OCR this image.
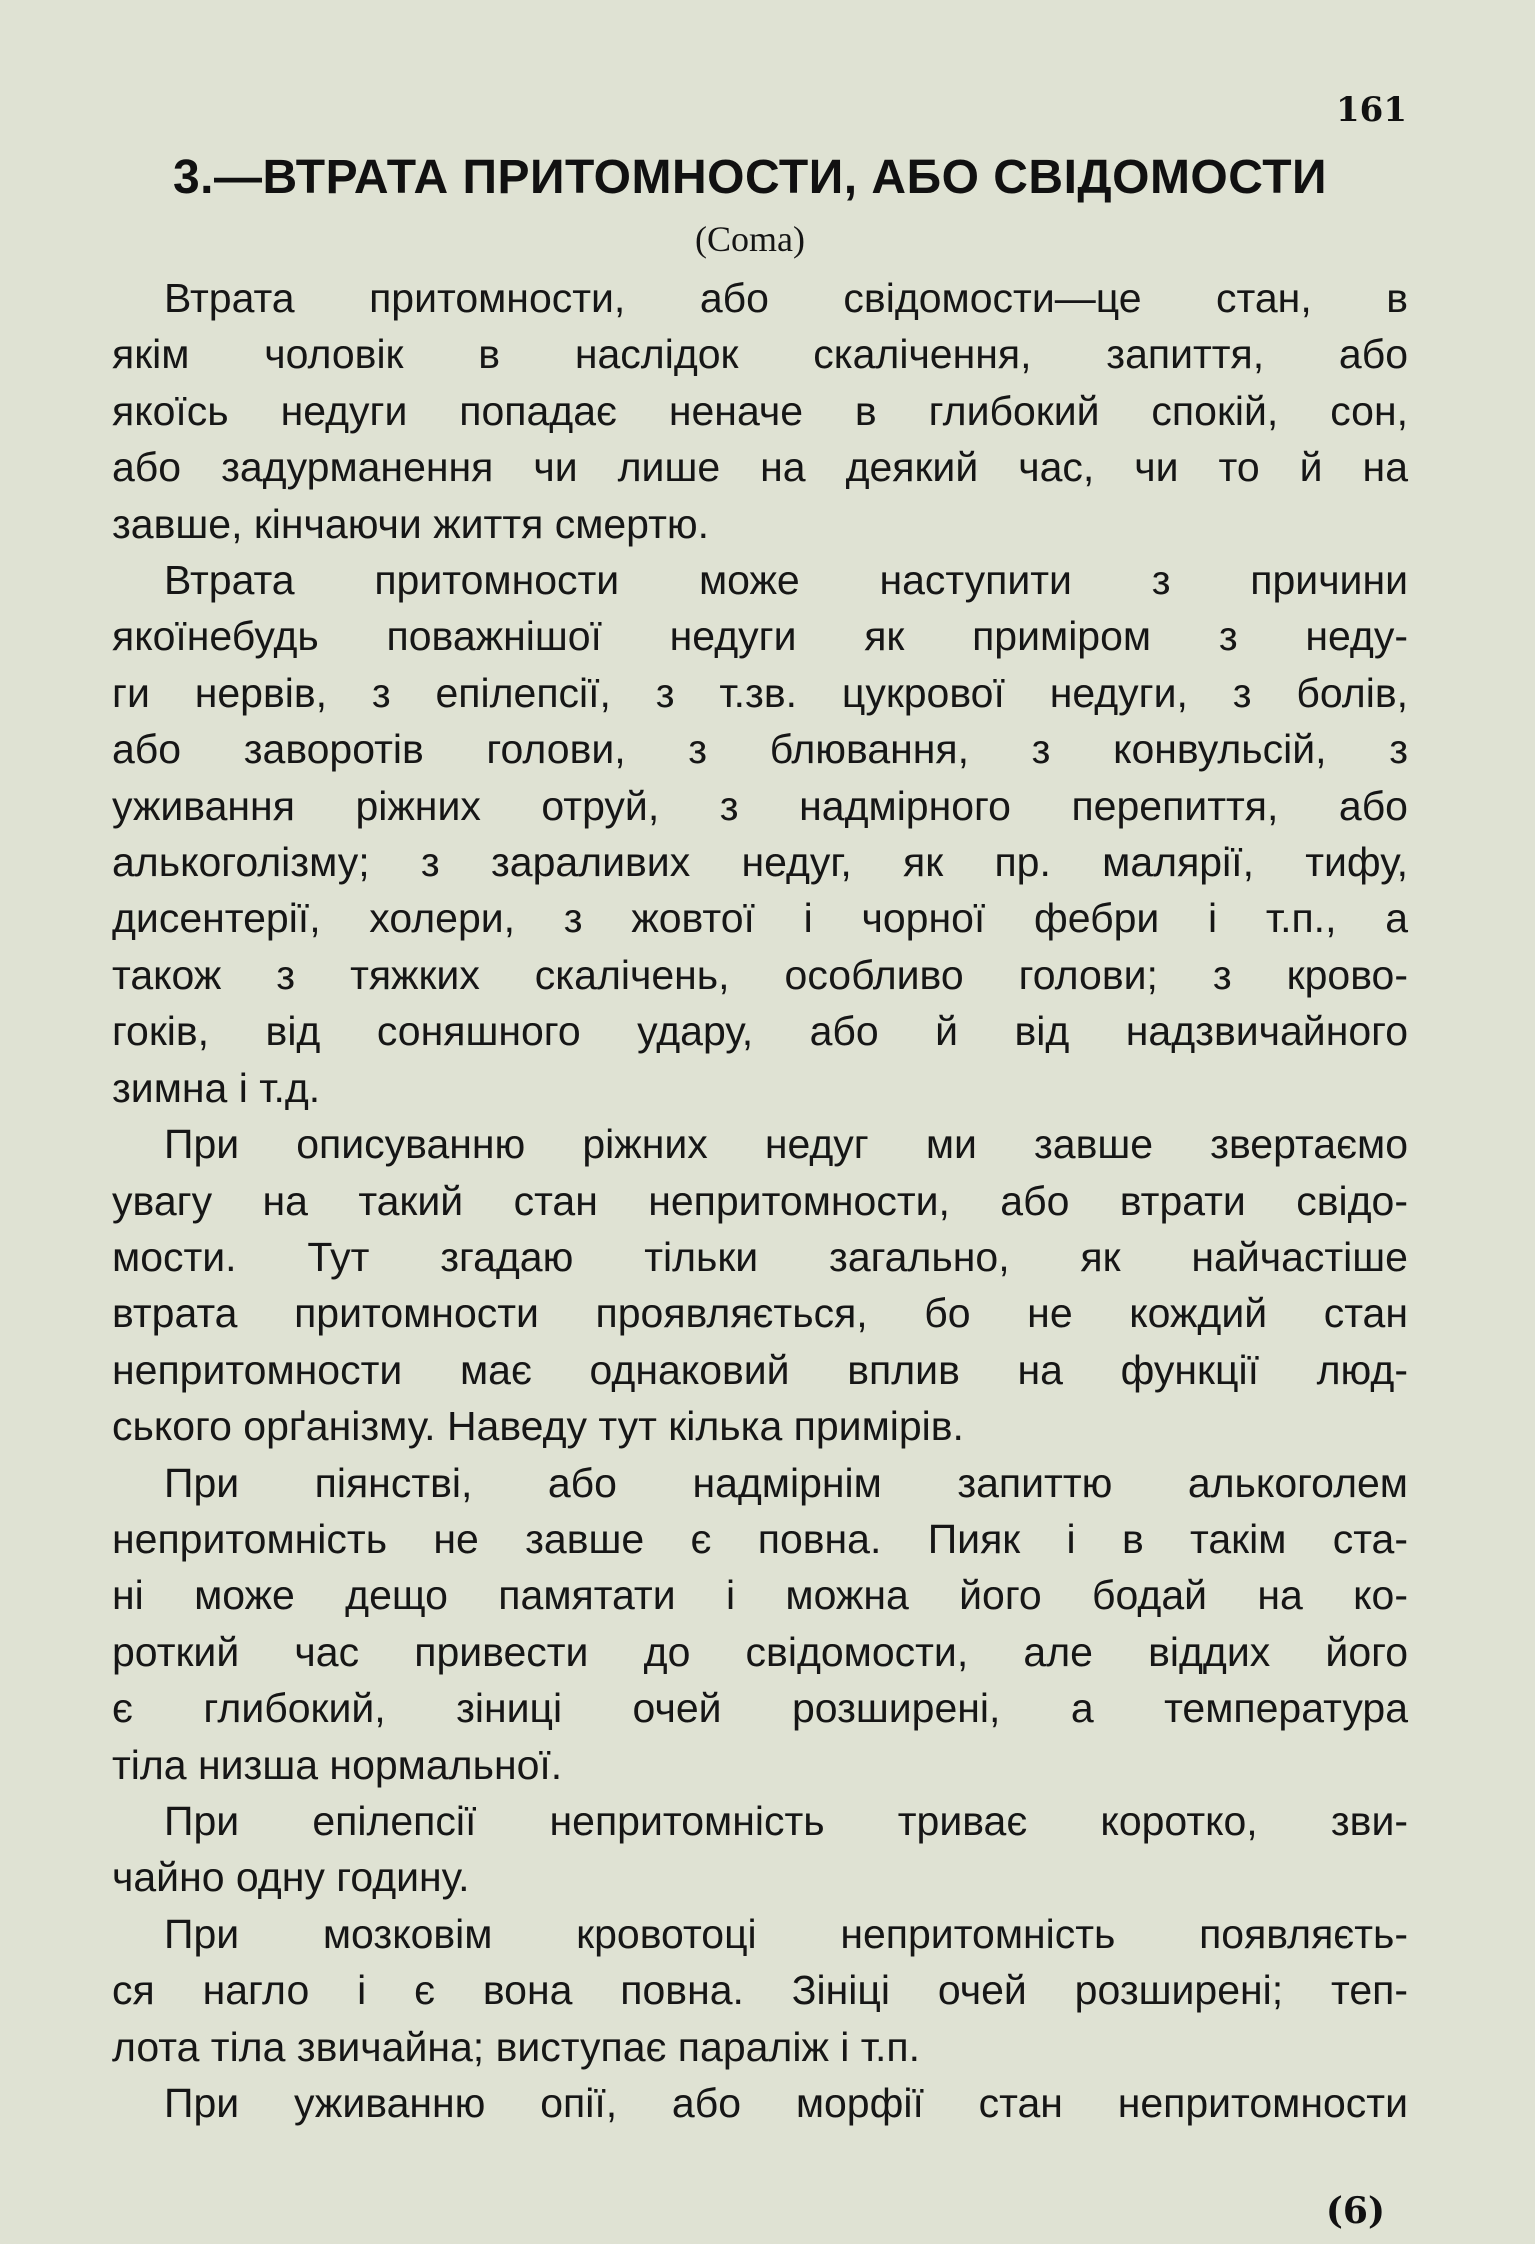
161
3.—ВТРАТА ПРИТОМНОСТИ, АБО СВІДОМОСТИ
(Coma)

Втрата притомности, або свідомости—це стан, в
якім чоловік в наслідок скалічення, запиття, або
якоїсь недуги попадає неначе в глибокий спокій, сон,
або задурманення чи лише на деякий час, чи то й на
завше, кінчаючи життя смертю.

Втрата притомности може наступити з причини
якоїнебудь поважнішої недуги як приміром з неду-
ги нервів, з епілепсії, з т.зв. цукрової недуги, з болів,
або заворотів голови, з блювання, з конвульсій, з
уживання ріжних отруй, з надмірного перепиття, або
алькоголізму; з зараливих недуг, як пр. малярії, тифу,
дисентерії, холери, з жовтої і чорної фебри і т.п., а
також з тяжких скалічень, особливо голови; з крово-
гоків, від соняшного удару, або й від надзвичайного
зимна і т.д.

При описуванню ріжних недуг ми завше звертаємо
увагу на такий стан непритомности, або втрати свідо-
мости. Тут згадаю тільки загально, як найчастіше
втрата притомности проявляється, бо не кождий стан
непритомности має однаковий вплив на функції люд-
ського орґанізму. Наведу тут кілька примірів.

При піянстві, або надмірнім запиттю алькоголем
непритомність не завше є повна. Пияк і в такім ста-
ні може дещо памятати і можна його бодай на ко-
роткий час привести до свідомости, але віддих його
є глибокий, зіниці очей розширені, а температура
тіла низша нормальної.

При епілепсії непритомність триває коротко, зви-
чайно одну годину.

При мозковім кровотоці непритомність появляєть-
ся нагло і є вона повна. Зініці очей розширені; теп-
лота тіла звичайна; виступає параліж і т.п.

При уживанню опії, або морфії стан непритомности

(6)
